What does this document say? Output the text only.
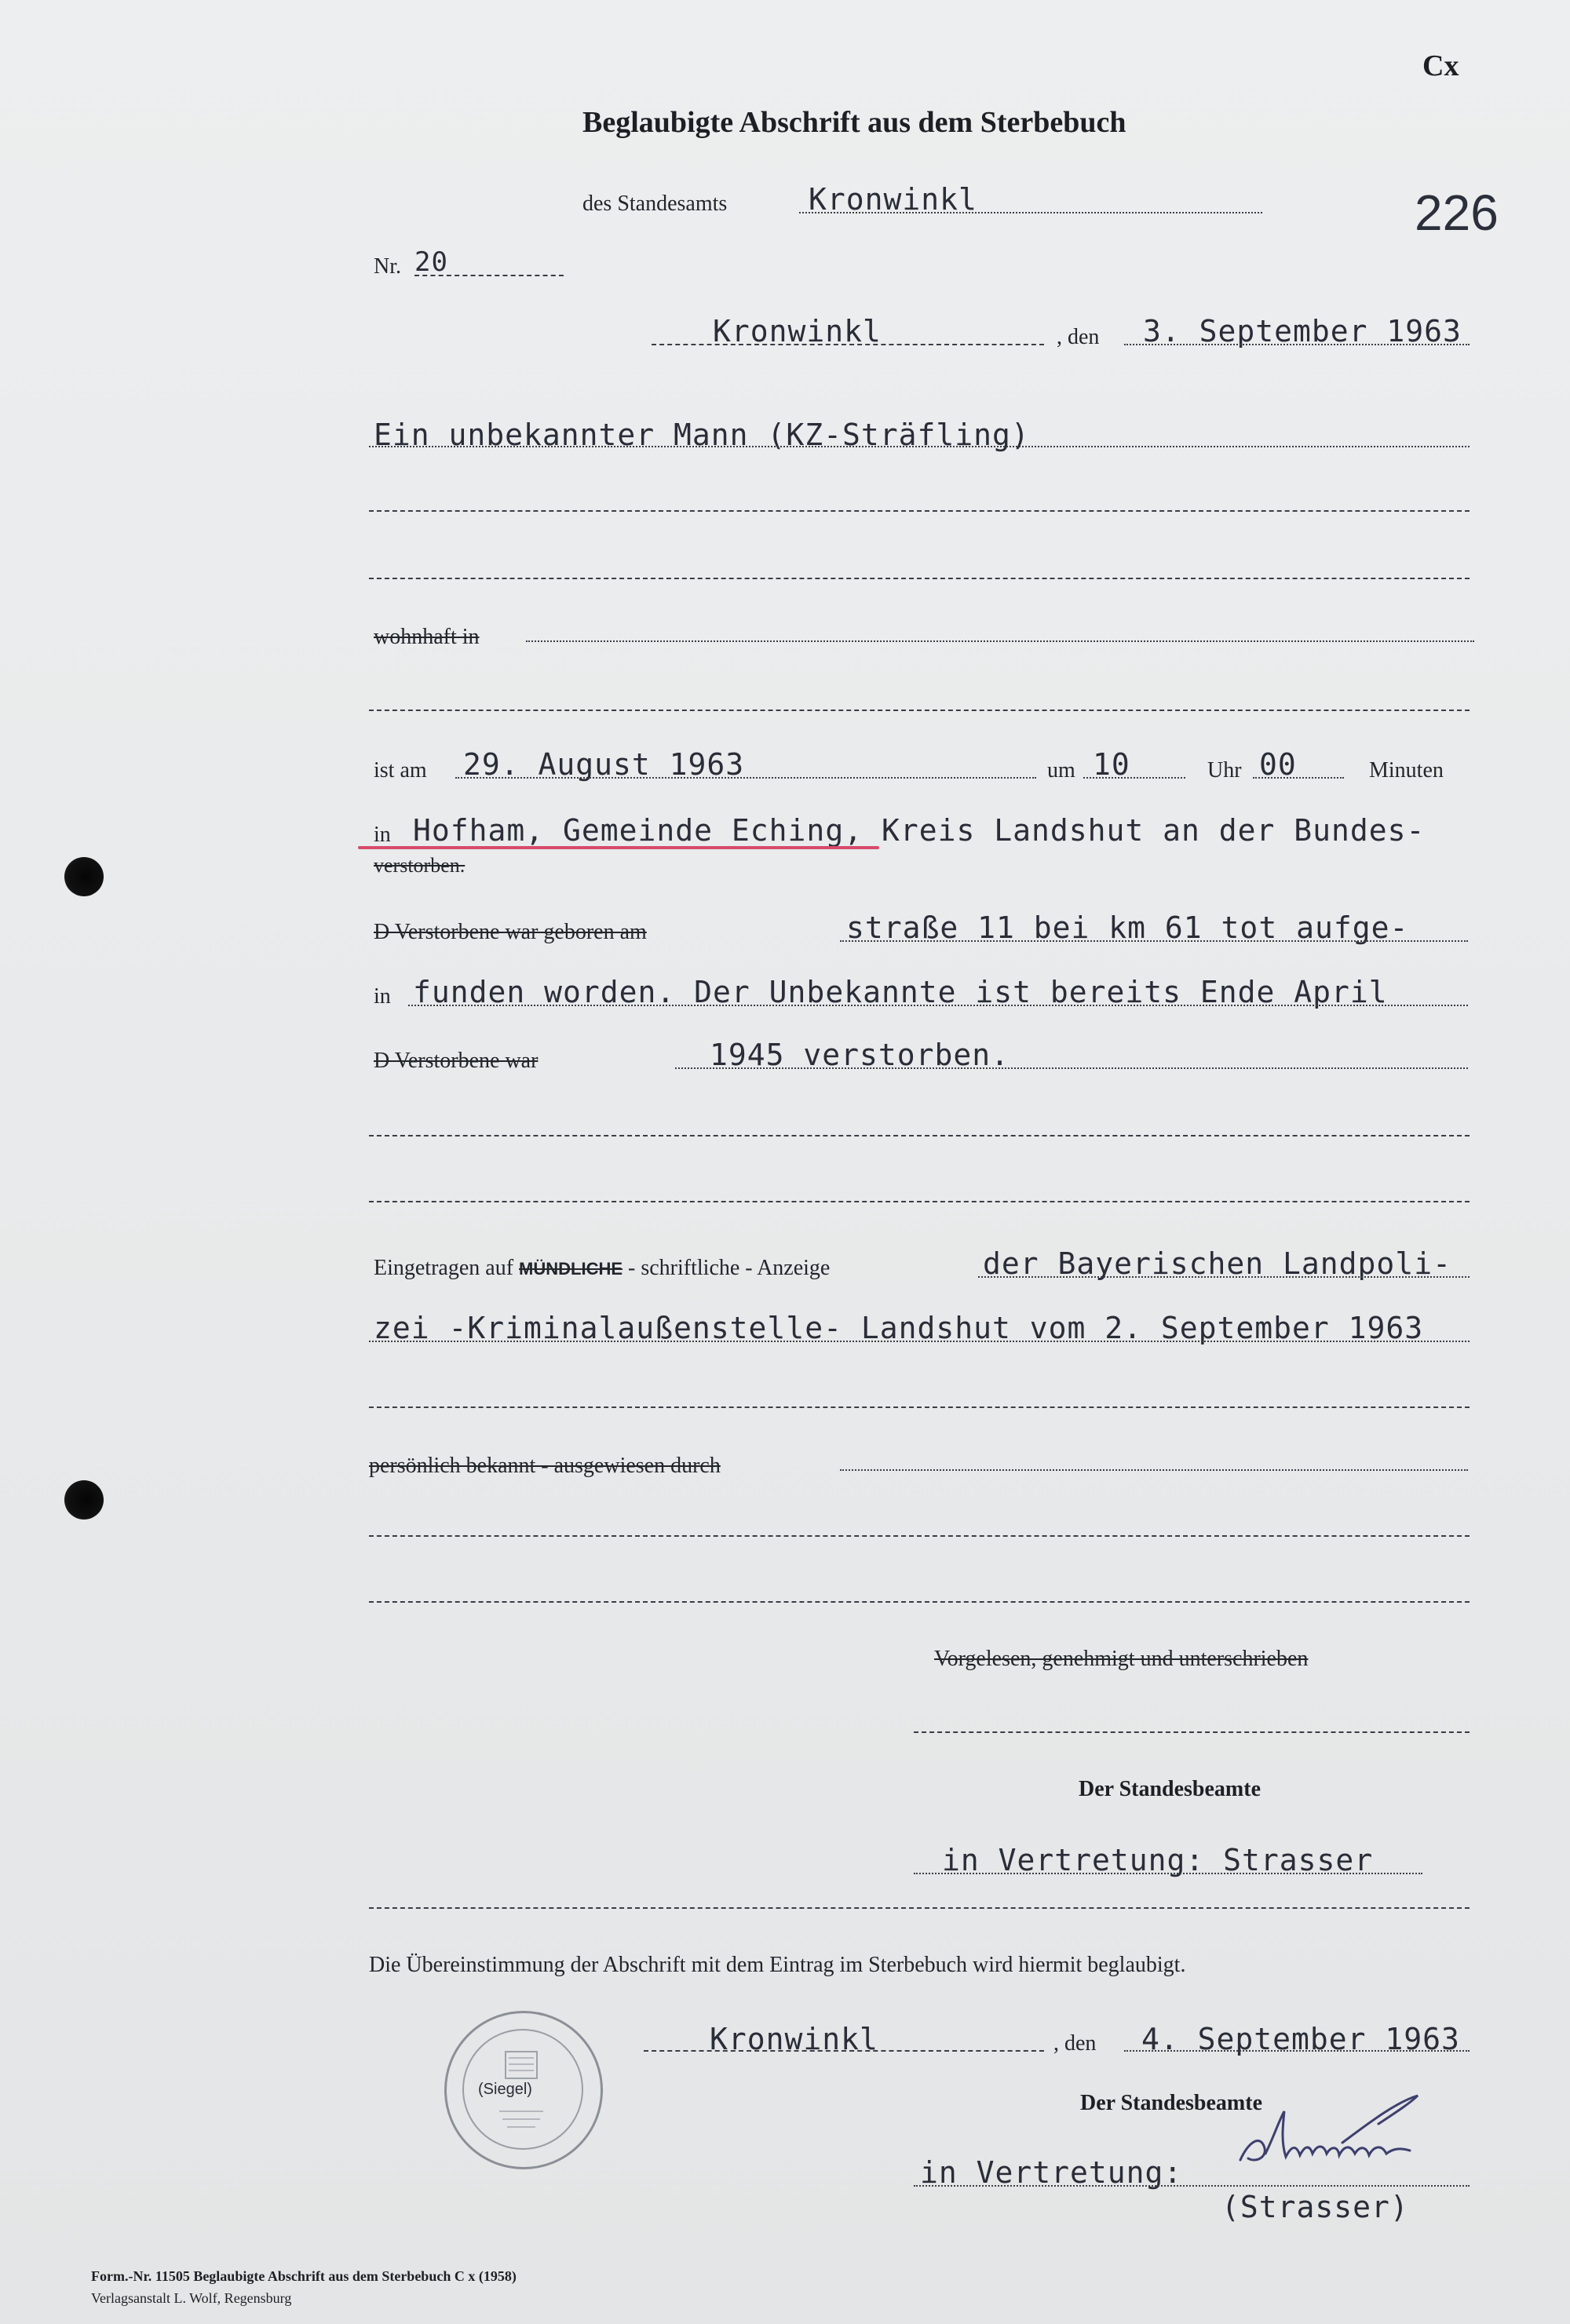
Cx
Beglaubigte Abschrift aus dem Sterbebuch
des Standesamts	Kronwinkl	226
Nr. 20
Kronwinkl	, den 3. September 1963
Ein unbekannter Mann (KZ-Sträfling)
wohnhaft in
ist am 29. August 1963	um 10	Uhr 00	Minuten
in Hofham, Gemeinde Eching, Kreis Landshut an der Bundes-
verstorben.
D Verstorbene war geboren am	straße 11 bei km 61 tot aufge-
in funden worden. Der Unbekannte ist bereits Ende April
D Verstorbene war	1945 verstorben.
Eingetragen auf MÜNDLICHE - schriftliche - Anzeige	der Bayerischen Landpoli-
zei -Kriminalaußenstelle- Landshut vom 2. September 1963
persönlich bekannt - ausgewiesen durch
Vorgelesen, genehmigt und unterschrieben
Der Standesbeamte
in Vertretung: Strasser
Die Übereinstimmung der Abschrift mit dem Eintrag im Sterbebuch wird hiermit beglaubigt.
Kronwinkl	, den 4. September 1963
(Siegel)
Der Standesbeamte
in Vertretung:
(Strasser)
Form.-Nr. 11505 Beglaubigte Abschrift aus dem Sterbebuch C x (1958)
Verlagsanstalt L. Wolf, Regensburg
